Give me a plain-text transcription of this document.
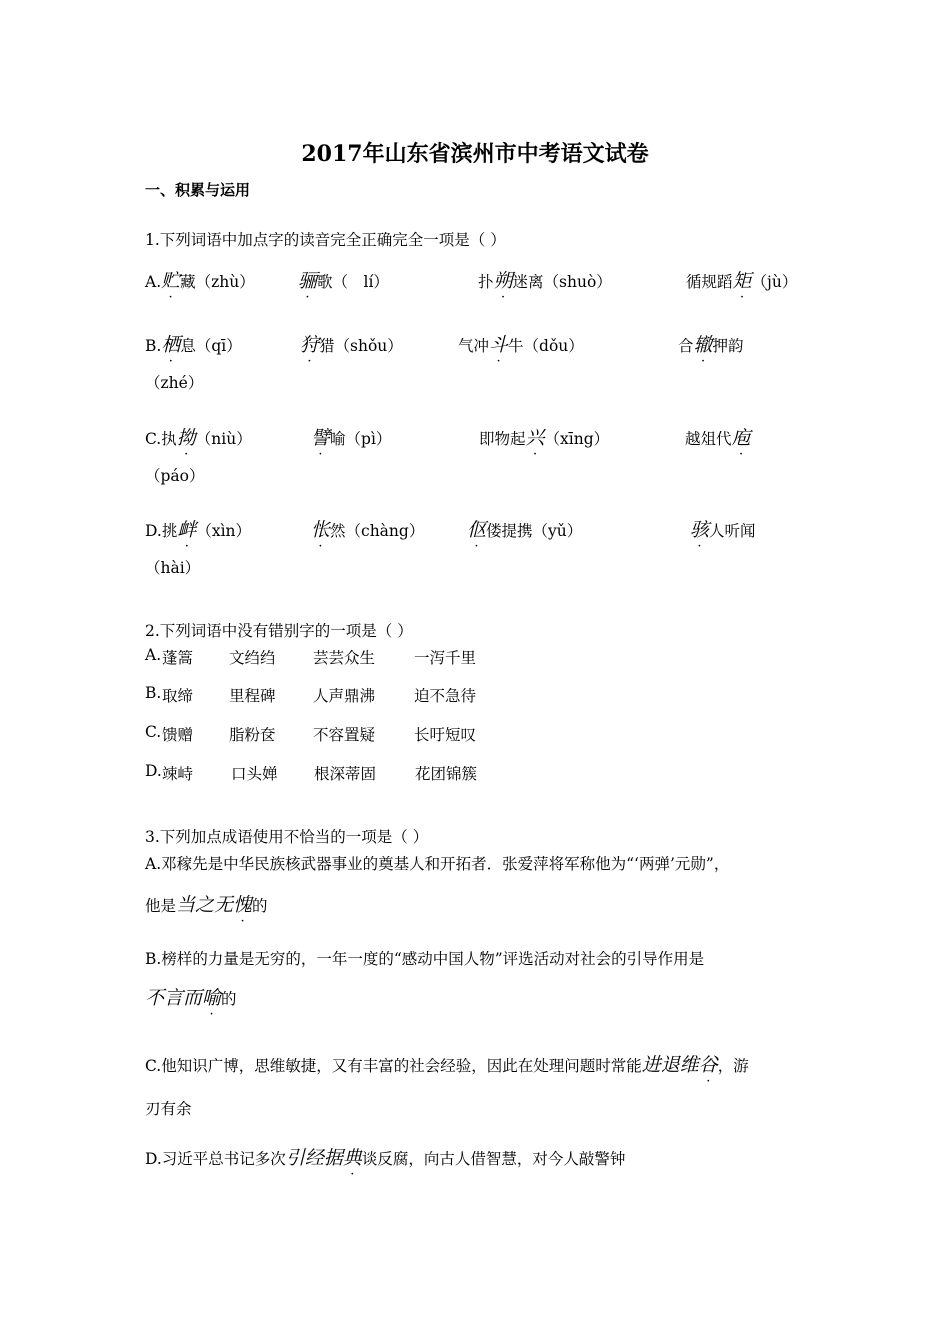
2017年山东省滨州市中考语文试卷
一、积累与运用
1.下列词语中加点字的读音完全正确完全一项是（ ）
A.贮藏（zhù） 骊歌（　lí）	扑朔迷离（shuò）	循规蹈矩（jù）
B.栖息（qī）	狩猎（shǒu）	气冲斗牛（dǒu）	合辙押韵
（zhé）
C.执拗（niù）	譬喻（pì）	即物起兴（xīng）	越俎代庖
（páo）
D.挑衅（xìn）	怅然（chàng） 伛偻提携（yǔ）	骇人听闻
（hài）
2.下列词语中没有错别字的一项是（ ）
A. 蓬篙 文绉绉 芸芸众生	一泻千里
B. 取缔 里程碑 人声鼎沸	迫不急待
C. 馈赠 脂粉奁 不容置疑	长吁短叹
D. 竦峙 口头婵 根深蒂固	花团锦簇
3.下列加点成语使用不恰当的一项是（ ）
A.邓稼先是中华民族核武器事业的奠基人和开拓者．张爱萍将军称他为“‘两弹’元勋”，
他是当之无愧的
B.榜样的力量是无穷的，一年一度的“感动中国人物”评选活动对社会的引导作用是
不言而喻的
C.他知识广博，思维敏捷，又有丰富的社会经验，因此在处理问题时常能进退维谷，游
刃有余
D.习近平总书记多次引经据典谈反腐，向古人借智慧，对今人敲警钟
